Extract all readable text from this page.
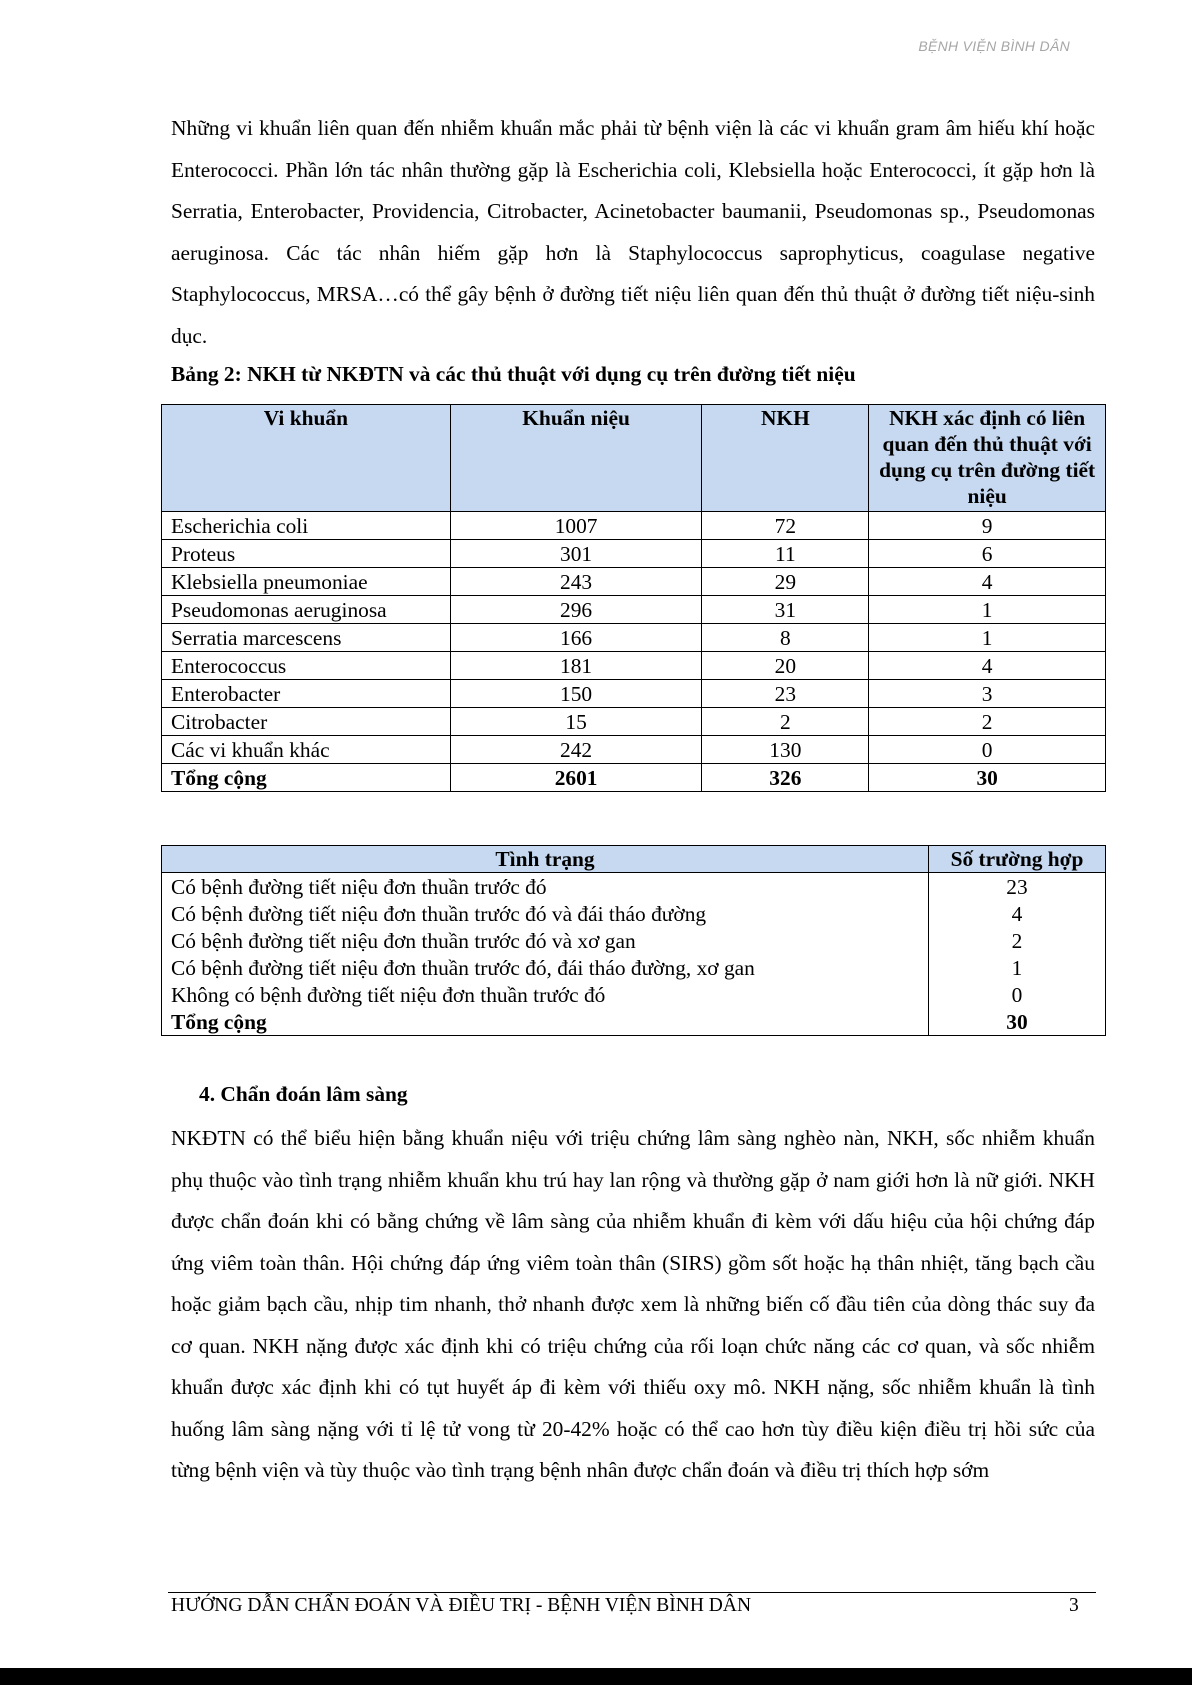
BỆNH VIỆN BÌNH DÂN

Những vi khuẩn liên quan đến nhiễm khuẩn mắc phải từ bệnh viện là các vi khuẩn gram âm hiếu khí hoặc Enterococci. Phần lớn tác nhân thường gặp là Escherichia coli, Klebsiella hoặc Enterococci, ít gặp hơn là Serratia, Enterobacter, Providencia, Citrobacter, Acinetobacter baumanii, Pseudomonas sp., Pseudomonas aeruginosa. Các tác nhân hiếm gặp hơn là Staphylococcus saprophyticus, coagulase negative Staphylococcus, MRSA…có thể gây bệnh ở đường tiết niệu liên quan đến thủ thuật ở đường tiết niệu-sinh dục.

Bảng 2: NKH từ NKĐTN và các thủ thuật với dụng cụ trên đường tiết niệu

Vi khuẩn	Khuẩn niệu	NKH	NKH xác định có liên quan đến thủ thuật với dụng cụ trên đường tiết niệu
Escherichia coli	1007	72	9
Proteus	301	11	6
Klebsiella pneumoniae	243	29	4
Pseudomonas aeruginosa	296	31	1
Serratia marcescens	166	8	1
Enterococcus	181	20	4
Enterobacter	150	23	3
Citrobacter	15	2	2
Các vi khuẩn khác	242	130	0
Tổng cộng	2601	326	30
Tình trạng	Số trường hợp
Có bệnh đường tiết niệu đơn thuần trước đó	23
Có bệnh đường tiết niệu đơn thuần trước đó và đái tháo đường	4
Có bệnh đường tiết niệu đơn thuần trước đó và xơ gan	2
Có bệnh đường tiết niệu đơn thuần trước đó, đái tháo đường, xơ gan	1
Không có bệnh đường tiết niệu đơn thuần trước đó	0
Tổng cộng	30
4. Chẩn đoán lâm sàng

NKĐTN có thể biểu hiện bằng khuẩn niệu với triệu chứng lâm sàng nghèo nàn, NKH, sốc nhiễm khuẩn phụ thuộc vào tình trạng nhiễm khuẩn khu trú hay lan rộng và thường gặp ở nam giới hơn là nữ giới. NKH được chẩn đoán khi có bằng chứng về lâm sàng của nhiễm khuẩn đi kèm với dấu hiệu của hội chứng đáp ứng viêm toàn thân. Hội chứng đáp ứng viêm toàn thân (SIRS) gồm sốt hoặc hạ thân nhiệt, tăng bạch cầu hoặc giảm bạch cầu, nhịp tim nhanh, thở nhanh được xem là những biến cố đầu tiên của dòng thác suy đa cơ quan. NKH nặng được xác định khi có triệu chứng của rối loạn chức năng các cơ quan, và sốc nhiễm khuẩn được xác định khi có tụt huyết áp đi kèm với thiếu oxy mô. NKH nặng, sốc nhiễm khuẩn là tình huống lâm sàng nặng với tỉ lệ tử vong từ 20-42% hoặc có thể cao hơn tùy điều kiện điều trị hồi sức của từng bệnh viện và tùy thuộc vào tình trạng bệnh nhân được chẩn đoán và điều trị thích hợp sớm

HƯỚNG DẪN CHẨN ĐOÁN VÀ ĐIỀU TRỊ - BỆNH VIỆN BÌNH DÂN	3
